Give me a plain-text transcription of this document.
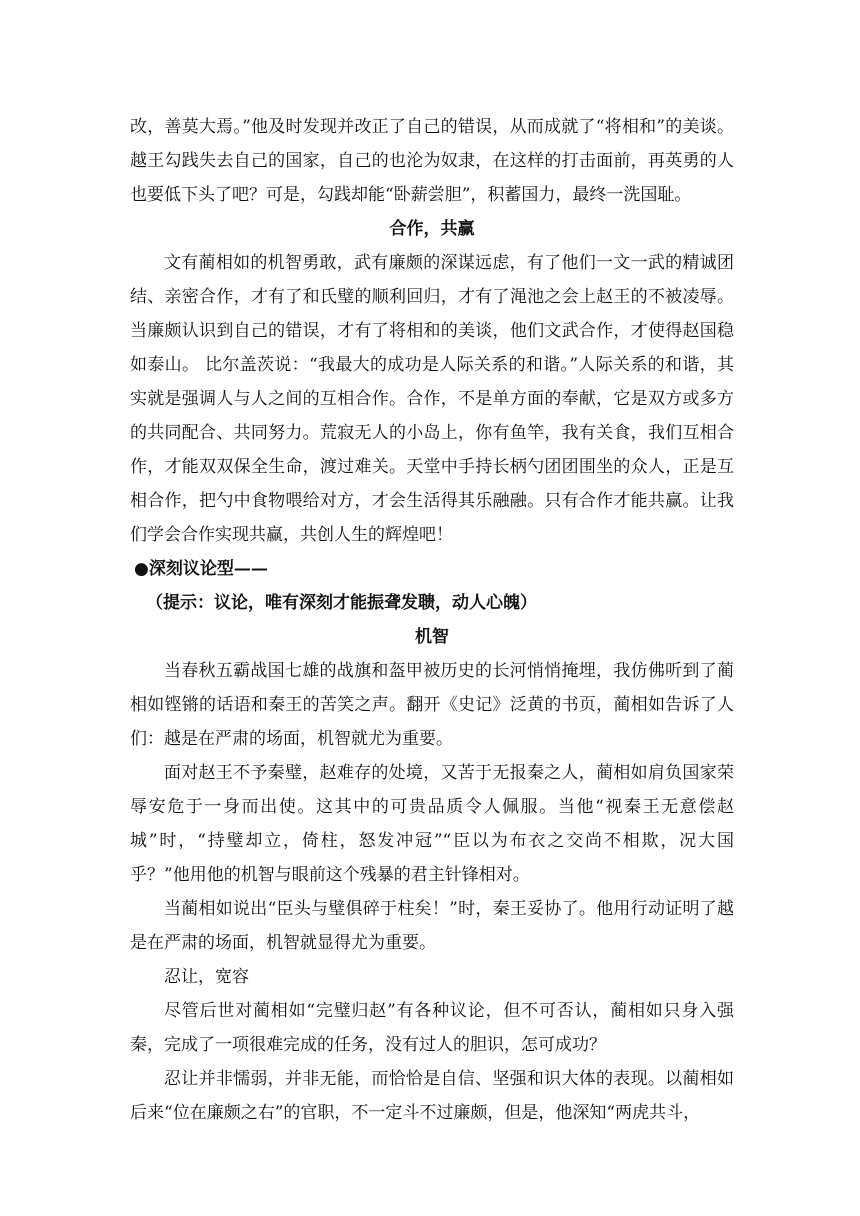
改，善莫大焉。”他及时发现并改正了自己的错误，从而成就了“将相和”的美谈。越王勾践失去自己的国家，自己的也沦为奴隶，在这样的打击面前，再英勇的人也要低下头了吧？可是，勾践却能“卧薪尝胆”，积蓄国力，最终一洗国耻。

合作，共赢

文有蔺相如的机智勇敢，武有廉颇的深谋远虑，有了他们一文一武的精诚团结、亲密合作，才有了和氏璧的顺利回归，才有了渑池之会上赵王的不被凌辱。当廉颇认识到自己的错误，才有了将相和的美谈，他们文武合作，才使得赵国稳如泰山。 比尔盖茨说：“我最大的成功是人际关系的和谐。”人际关系的和谐，其实就是强调人与人之间的互相合作。合作，不是单方面的奉献，它是双方或多方的共同配合、共同努力。荒寂无人的小岛上，你有鱼竿，我有关食，我们互相合作，才能双双保全生命，渡过难关。天堂中手持长柄勺团团围坐的众人，正是互相合作，把勺中食物喂给对方，才会生活得其乐融融。只有合作才能共赢。让我们学会合作实现共赢，共创人生的辉煌吧！

●深刻议论型——

（提示：议论，唯有深刻才能振聋发聩，动人心魄）

机智

当春秋五霸战国七雄的战旗和盔甲被历史的长河悄悄掩埋，我仿佛听到了蔺相如铿锵的话语和秦王的苦笑之声。翻开《史记》泛黄的书页，蔺相如告诉了人们：越是在严肃的场面，机智就尤为重要。

面对赵王不予秦璧，赵难存的处境，又苦于无报秦之人，蔺相如肩负国家荣辱安危于一身而出使。这其中的可贵品质令人佩服。当他“视秦王无意偿赵城”时，“持璧却立，倚柱，怒发冲冠”“臣以为布衣之交尚不相欺，况大国乎？”他用他的机智与眼前这个残暴的君主针锋相对。

当蔺相如说出“臣头与璧俱碎于柱矣！”时，秦王妥协了。他用行动证明了越是在严肃的场面，机智就显得尤为重要。

忍让，宽容

尽管后世对蔺相如“完璧归赵”有各种议论，但不可否认，蔺相如只身入强秦，完成了一项很难完成的任务，没有过人的胆识，怎可成功？

忍让并非懦弱，并非无能，而恰恰是自信、坚强和识大体的表现。以蔺相如后来“位在廉颇之右”的官职，不一定斗不过廉颇，但是，他深知“两虎共斗，
